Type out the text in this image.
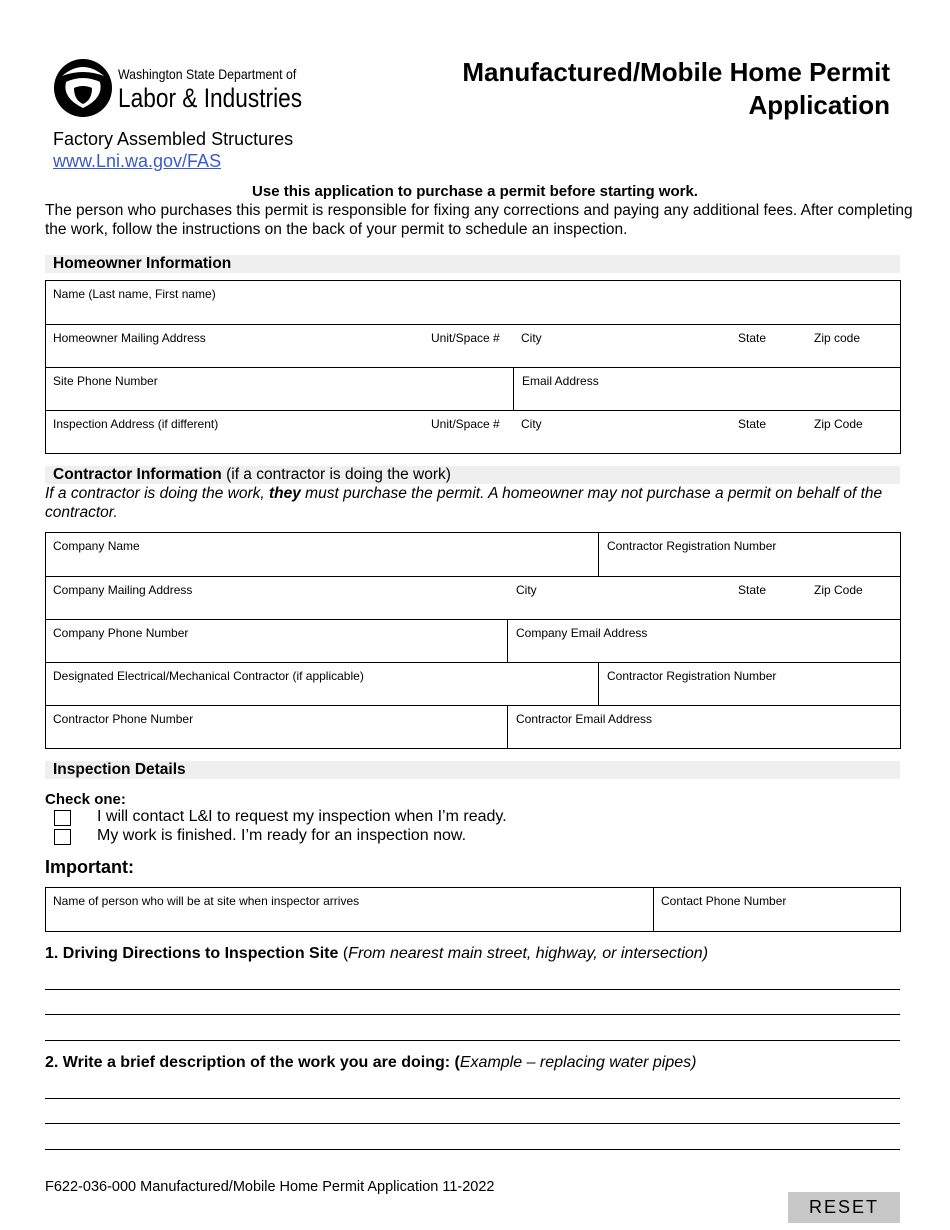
Washington State Department of
Labor & Industries
Factory Assembled Structures
www.Lni.wa.gov/FAS
Manufactured/Mobile Home Permit
Application
Use this application to purchase a permit before starting work.
The person who purchases this permit is responsible for fixing any corrections and paying any additional fees. After completing the work, follow the instructions on the back of your permit to schedule an inspection.
Homeowner Information
Name (Last name, First name)
Homeowner Mailing Address	Unit/Space # City	State	Zip code
Site Phone Number	Email Address
Inspection Address (if different)	Unit/Space # City	State	Zip Code
Contractor Information (if a contractor is doing the work)
If a contractor is doing the work, they must purchase the permit. A homeowner may not purchase a permit on behalf of the contractor.
Company Name	Contractor Registration Number
Company Mailing Address	City	State	Zip Code
Company Phone Number	Company Email Address
Designated Electrical/Mechanical Contractor (if applicable)	Contractor Registration Number
Contractor Phone Number	Contractor Email Address
Inspection Details
Check one:
I will contact L&I to request my inspection when I’m ready.
My work is finished. I’m ready for an inspection now.
Important:
Name of person who will be at site when inspector arrives	Contact Phone Number
1. Driving Directions to Inspection Site (From nearest main street, highway, or intersection)
2. Write a brief description of the work you are doing: (Example – replacing water pipes)
F622-036-000 Manufactured/Mobile Home Permit Application 11-2022
RESET
